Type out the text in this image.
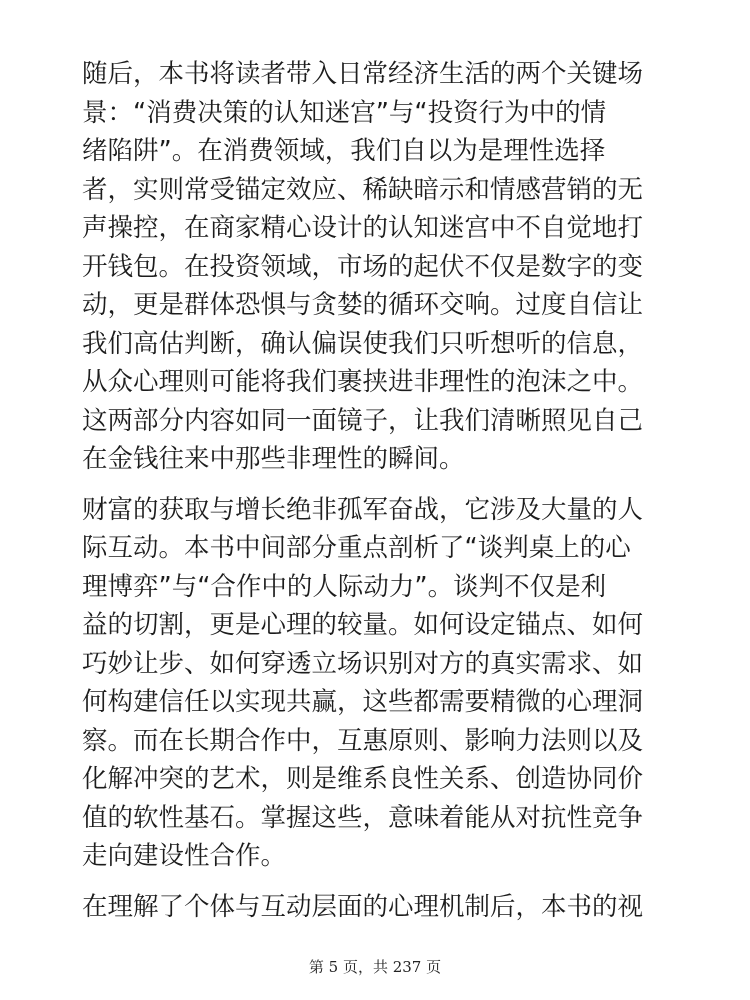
随后，本书将读者带入日常经济生活的两个关键场
景：“消费决策的认知迷宫”与“投资行为中的情
绪陷阱”。在消费领域，我们自以为是理性选择
者，实则常受锚定效应、稀缺暗示和情感营销的无
声操控，在商家精心设计的认知迷宫中不自觉地打
开钱包。在投资领域，市场的起伏不仅是数字的变
动，更是群体恐惧与贪婪的循环交响。过度自信让
我们高估判断，确认偏误使我们只听想听的信息，
从众心理则可能将我们裹挟进非理性的泡沫之中。
这两部分内容如同一面镜子，让我们清晰照见自己
在金钱往来中那些非理性的瞬间。
财富的获取与增长绝非孤军奋战，它涉及大量的人
际互动。本书中间部分重点剖析了“谈判桌上的心
理博弈”与“合作中的人际动力”。谈判不仅是利
益的切割，更是心理的较量。如何设定锚点、如何
巧妙让步、如何穿透立场识别对方的真实需求、如
何构建信任以实现共赢，这些都需要精微的心理洞
察。而在长期合作中，互惠原则、影响力法则以及
化解冲突的艺术，则是维系良性关系、创造协同价
值的软性基石。掌握这些，意味着能从对抗性竞争
走向建设性合作。
在理解了个体与互动层面的心理机制后，本书的视
第 5 页，共 237 页
